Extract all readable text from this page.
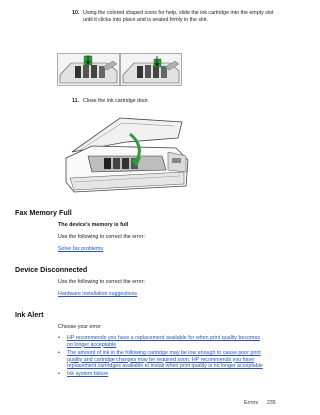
10. Using the colored shaped icons for help, slide the ink cartridge into the empty slot
until it clicks into place and is seated firmly in the slot.
11. Close the ink cartridge door.
Fax Memory Full
The device's memory is full
Use the following to correct the error:
Solve fax problems
Device Disconnected
Use the following to correct the error:
Hardware installation suggestions
Ink Alert
Choose your error
• HP recommends you have a replacement available for when print quality becomes
no longer acceptable
• The amount of ink in the following cartridge may be low enough to cause poor print
quality and cartridge changes may be required soon. HP recommends you have
replacement cartridges available to install when print quality is no longer acceptable
• Ink system failure
Errors 235
